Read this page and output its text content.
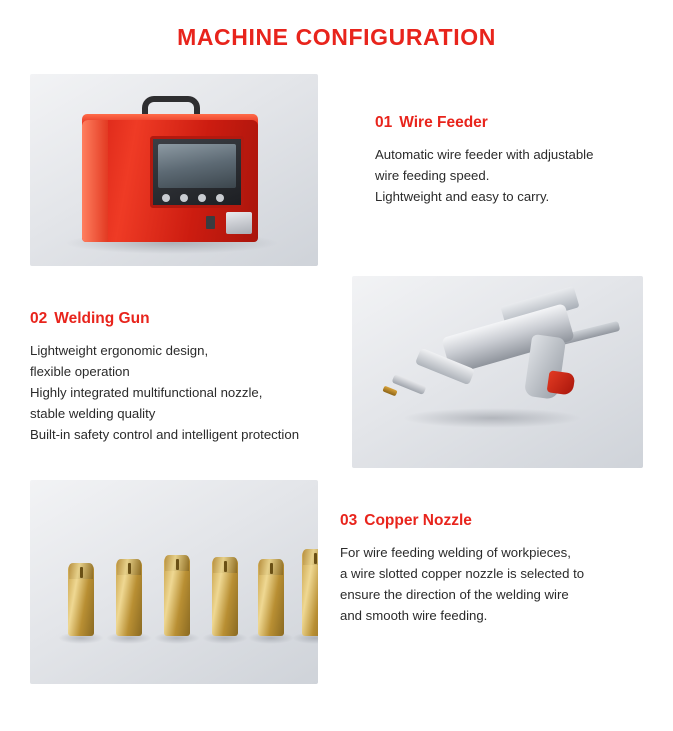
MACHINE CONFIGURATION

01 Wire Feeder

Automatic wire feeder with adjustable
wire feeding speed.
Lightweight and easy to carry.

02 Welding Gun

Lightweight ergonomic design,
flexible operation
Highly integrated multifunctional nozzle,
stable welding quality
Built-in safety control and intelligent protection

03 Copper Nozzle

For wire feeding welding of workpieces,
a wire slotted copper nozzle is selected to
ensure the direction of the welding wire
and smooth wire feeding.
